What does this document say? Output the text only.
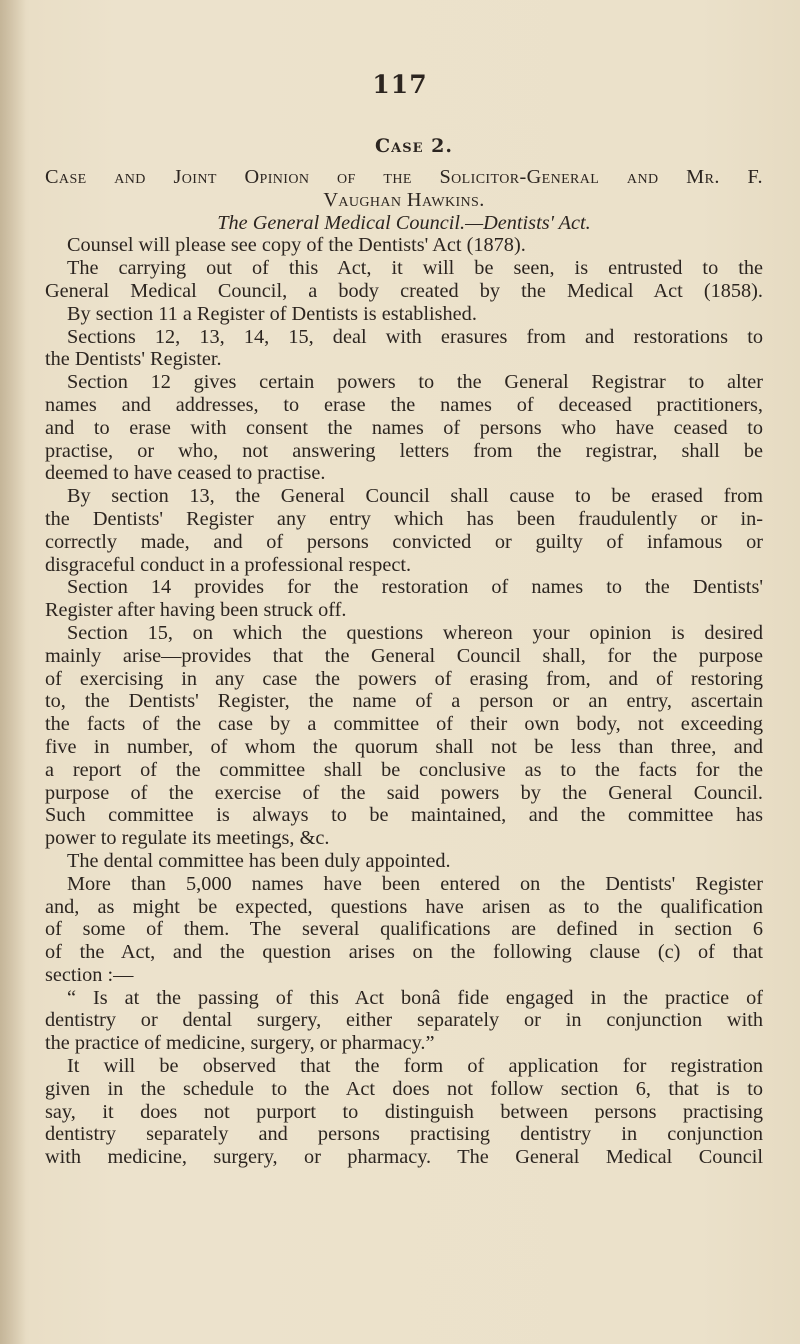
117
Case 2.
Case and Joint Opinion of the Solicitor-General and Mr. F.
Vaughan Hawkins.
The General Medical Council.—Dentists' Act.
Counsel will please see copy of the Dentists' Act (1878).
The carrying out of this Act, it will be seen, is entrusted to the
General Medical Council, a body created by the Medical Act (1858).
By section 11 a Register of Dentists is established.
Sections 12, 13, 14, 15, deal with erasures from and restorations to
the Dentists' Register.
Section 12 gives certain powers to the General Registrar to alter
names and addresses, to erase the names of deceased practitioners,
and to erase with consent the names of persons who have ceased to
practise, or who, not answering letters from the registrar, shall be
deemed to have ceased to practise.
By section 13, the General Council shall cause to be erased from
the Dentists' Register any entry which has been fraudulently or in-
correctly made, and of persons convicted or guilty of infamous or
disgraceful conduct in a professional respect.
Section 14 provides for the restoration of names to the Dentists'
Register after having been struck off.
Section 15, on which the questions whereon your opinion is desired
mainly arise—provides that the General Council shall, for the purpose
of exercising in any case the powers of erasing from, and of restoring
to, the Dentists' Register, the name of a person or an entry, ascertain
the facts of the case by a committee of their own body, not exceeding
five in number, of whom the quorum shall not be less than three, and
a report of the committee shall be conclusive as to the facts for the
purpose of the exercise of the said powers by the General Council.
Such committee is always to be maintained, and the committee has
power to regulate its meetings, &c.
The dental committee has been duly appointed.
More than 5,000 names have been entered on the Dentists' Register
and, as might be expected, questions have arisen as to the qualification
of some of them. The several qualifications are defined in section 6
of the Act, and the question arises on the following clause (c) of that
section :—
“ Is at the passing of this Act bonâ fide engaged in the practice of
dentistry or dental surgery, either separately or in conjunction with
the practice of medicine, surgery, or pharmacy.”
It will be observed that the form of application for registration
given in the schedule to the Act does not follow section 6, that is to
say, it does not purport to distinguish between persons practising
dentistry separately and persons practising dentistry in conjunction
with medicine, surgery, or pharmacy. The General Medical Council
